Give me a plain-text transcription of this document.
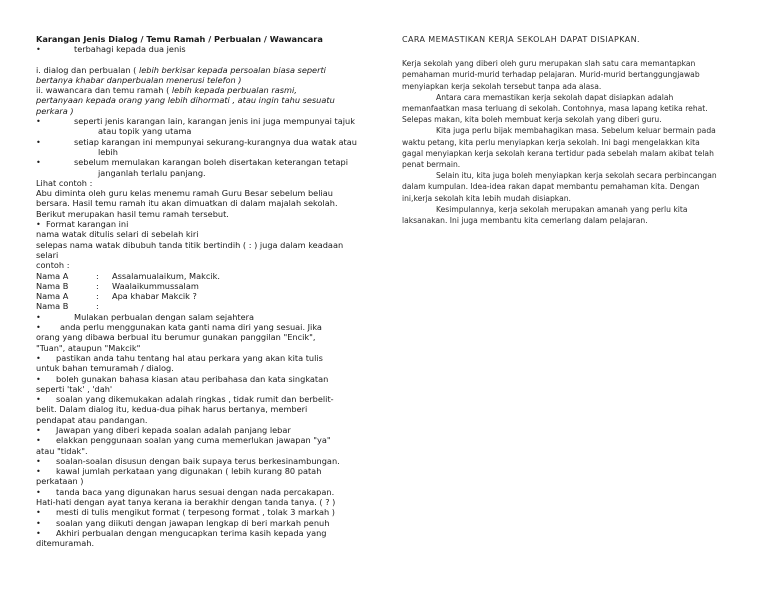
Karangan Jenis Dialog / Temu Ramah / Perbualan / Wawancara

•	terbahagi kepada dua jenis

i. dialog dan perbualan ( lebih berkisar kepada persoalan biasa seperti

bertanya khabar danperbualan menerusi telefon )

ii. wawancara dan temu ramah ( lebih kepada perbualan rasmi,

pertanyaan kepada orang yang lebih dihormati , atau ingin tahu sesuatu

perkara )

•	seperti jenis karangan lain, karangan jenis ini juga mempunyai tajuk
atau topik yang utama
•	setiap karangan ini mempunyai sekurang-kurangnya dua watak atau
lebih
•	sebelum memulakan karangan boleh disertakan keterangan tetapi
janganlah terlalu panjang.

Lihat contoh :

Abu diminta oleh guru kelas menemu ramah Guru Besar sebelum beliau

bersara. Hasil temu ramah itu akan dimuatkan di dalam majalah sekolah.

Berikut merupakan hasil temu ramah tersebut.

• Format karangan ini

nama watak ditulis selari di sebelah kiri

selepas nama watak dibubuh tanda titik bertindih ( : ) juga dalam keadaan

selari

contoh :

Nama A	:	Assalamualaikum, Makcik.
Nama B	:	Waalaikummussalam
Nama A	:	Apa khabar Makcik ?
Nama B	:
•	Mulakan perbualan dengan salam sejahtera
•	anda perlu menggunakan kata ganti nama diri yang sesuai. Jika

orang yang dibawa berbual itu berumur gunakan panggilan "Encik",

"Tuan", ataupun "Makcik"

•	pastikan anda tahu tentang hal atau perkara yang akan kita tulis

untuk bahan temuramah / dialog.

•	boleh gunakan bahasa kiasan atau peribahasa dan kata singkatan

seperti 'tak' , 'dah'

•	soalan yang dikemukakan adalah ringkas , tidak rumit dan berbelit-

belit. Dalam dialog itu, kedua-dua pihak harus bertanya, memberi

pendapat atau pandangan.

•	Jawapan yang diberi kepada soalan adalah panjang lebar
•	elakkan penggunaan soalan yang cuma memerlukan jawapan "ya"

atau "tidak".

•	soalan-soalan disusun dengan baik supaya terus berkesinambungan.
•	kawal jumlah perkataan yang digunakan ( lebih kurang 80 patah

perkataan )

•	tanda baca yang digunakan harus sesuai dengan nada percakapan.

Hati-hati dengan ayat tanya kerana ia berakhir dengan tanda tanya. ( ? )

•	mesti di tulis mengikut format ( terpesong format , tolak 3 markah )
•	soalan yang diikuti dengan jawapan lengkap di beri markah penuh
•	Akhiri perbualan dengan mengucapkan terima kasih kepada yang

ditemuramah.

CARA MEMASTIKAN KERJA SEKOLAH DAPAT DISIAPKAN.

Kerja sekolah yang diberi oleh guru merupakan slah satu cara memantapkan
pemahaman murid-murid terhadap pelajaran. Murid-murid bertanggungjawab
menyiapkan kerja sekolah tersebut tanpa ada alasa.

Antara cara memastikan kerja sekolah dapat disiapkan adalah
memanfaatkan masa terluang di sekolah. Contohnya, masa lapang ketika rehat.
Selepas makan, kita boleh membuat kerja sekolah yang diberi guru.

Kita juga perlu bijak membahagikan masa. Sebelum keluar bermain pada
waktu petang, kita perlu menyiapkan kerja sekolah. Ini bagi mengelakkan kita
gagal menyiapkan kerja sekolah kerana tertidur pada sebelah malam akibat telah
penat bermain.

Selain itu, kita juga boleh menyiapkan kerja sekolah secara perbincangan
dalam kumpulan. Idea-idea rakan dapat membantu pemahaman kita. Dengan
ini,kerja sekolah kita lebih mudah disiapkan.

Kesimpulannya, kerja sekolah merupakan amanah yang perlu kita
laksanakan. Ini juga membantu kita cemerlang dalam pelajaran.
